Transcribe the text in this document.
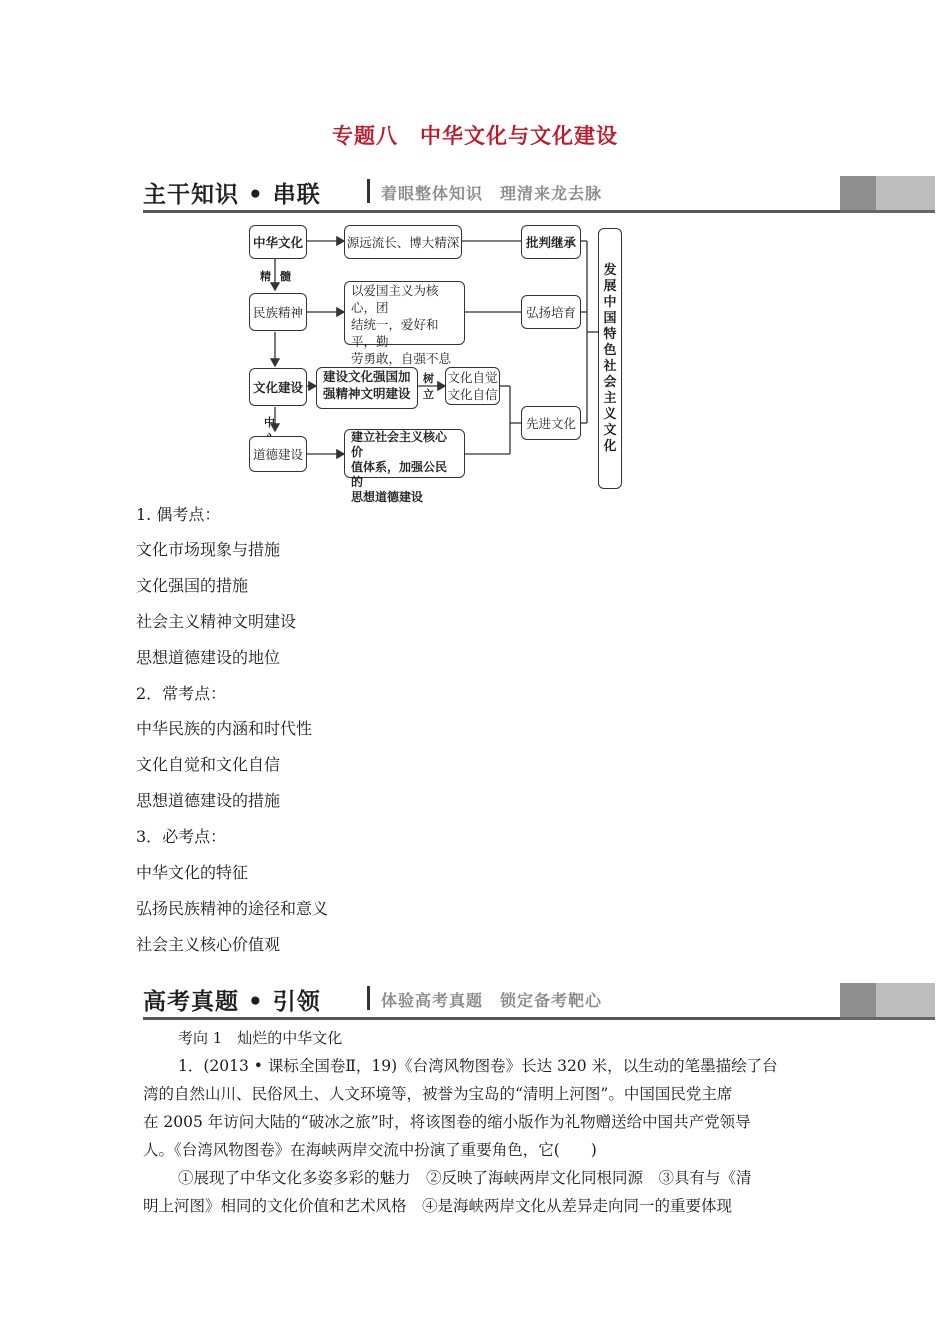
专题八　中华文化与文化建设
主干知识 • 串联	着眼整体知识　理清来龙去脉
中华文化	源远流长、博大精深	批判继承
精 髓
民族精神
以爱国主义为核心，团
结统一，爱好和平，勤
劳勇敢，自强不息
弘扬培育
文化建设
建设文化强国加
强精神文明建设
树立
文化自觉
文化自信
先进文化
中
道德建设
建立社会主义核心价
值体系，加强公民的
思想道德建设
发
展
中
国
特
色
社
会
主
义
文
化
1. 偶考点：
文化市场现象与措施
文化强国的措施
社会主义精神文明建设
思想道德建设的地位
2．常考点：
中华民族的内涵和时代性
文化自觉和文化自信
思想道德建设的措施
3．必考点：
中华文化的特征
弘扬民族精神的途径和意义
社会主义核心价值观
高考真题 • 引领	体验高考真题　锁定备考靶心
考向 1　灿烂的中华文化
1．(2013 • 课标全国卷Ⅱ，19)《台湾风物图卷》长达 320 米，以生动的笔墨描绘了台
湾的自然山川、民俗风土、人文环境等，被誉为宝岛的“清明上河图”。中国国民党主席
在 2005 年访问大陆的“破冰之旅”时，将该图卷的缩小版作为礼物赠送给中国共产党领导
人。《台湾风物图卷》在海峡两岸交流中扮演了重要角色，它(　　)
①展现了中华文化多姿多彩的魅力　②反映了海峡两岸文化同根同源　③具有与《清
明上河图》相同的文化价值和艺术风格　④是海峡两岸文化从差异走向同一的重要体现
